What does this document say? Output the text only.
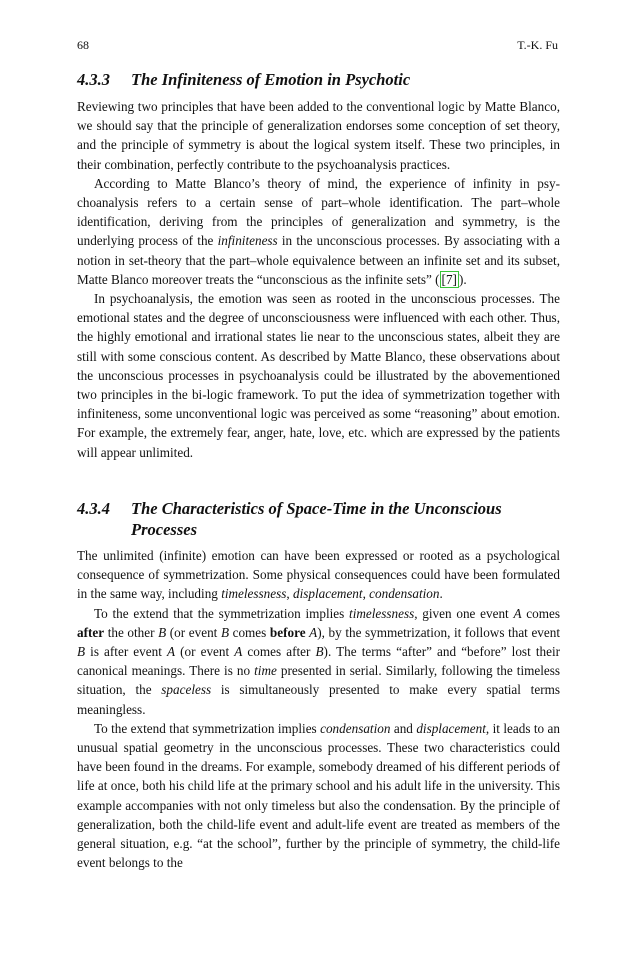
68	T.-K. Fu
4.3.3 The Infiniteness of Emotion in Psychotic

Reviewing two principles that have been added to the conventional logic by Matte Blanco, we should say that the principle of generalization endorses some conception of set theory, and the principle of symmetry is about the logical system itself. These two principles, in their combination, perfectly contribute to the psychoanalysis practices.

According to Matte Blanco’s theory of mind, the experience of infinity in psychoanalysis refers to a certain sense of part–whole identification. The part–whole identification, deriving from the principles of generalization and symmetry, is the underlying process of the infiniteness in the unconscious processes. By associating with a notion in set-theory that the part–whole equivalence between an infinite set and its subset, Matte Blanco moreover treats the “unconscious as the infinite sets” ( [7] ).

In psychoanalysis, the emotion was seen as rooted in the unconscious processes. The emotional states and the degree of unconsciousness were influenced with each other. Thus, the highly emotional and irrational states lie near to the unconscious states, albeit they are still with some conscious content. As described by Matte Blanco, these observations about the unconscious processes in psychoanalysis could be illustrated by the abovementioned two principles in the bi-logic framework. To put the idea of symmetrization together with infiniteness, some unconventional logic was perceived as some “reasoning” about emotion. For example, the extremely fear, anger, hate, love, etc. which are expressed by the patients will appear unlimited.

4.3.4 The Characteristics of Space-Time in the Unconscious
Processes

The unlimited (infinite) emotion can have been expressed or rooted as a psychological consequence of symmetrization. Some physical consequences could have been formulated in the same way, including timelessness, displacement, condensation.

To the extend that the symmetrization implies timelessness, given one event A comes after the other B (or event B comes before A), by the symmetrization, it follows that event B is after event A (or event A comes after B). The terms “after” and “before” lost their canonical meanings. There is no time presented in serial. Similarly, following the timeless situation, the spaceless is simultaneously presented to make every spatial terms meaningless.

To the extend that symmetrization implies condensation and displacement, it leads to an unusual spatial geometry in the unconscious processes. These two characteristics could have been found in the dreams. For example, somebody dreamed of his different periods of life at once, both his child life at the primary school and his adult life in the university. This example accompanies with not only timeless but also the condensation. By the principle of generalization, both the child-life event and adult-life event are treated as members of the general situation, e.g. “at the school”, further by the principle of symmetry, the child-life event belongs to the
